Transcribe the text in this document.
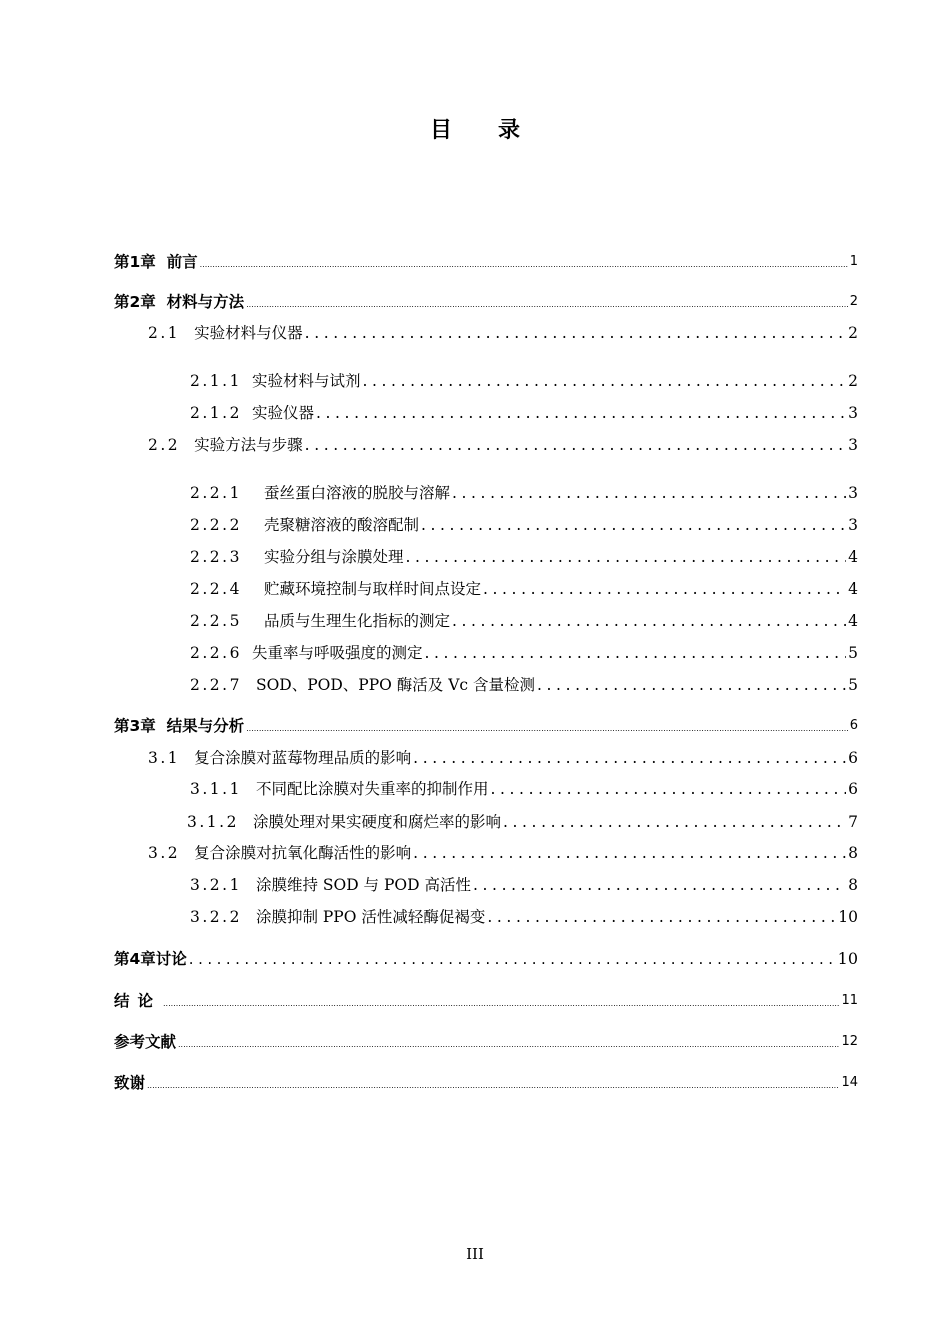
目录
第1章 前言 .....	1
第2章 材料与方法 .....	2
2.1 实验材料与仪器 .....	2
2.1.1 实验材料与试剂 .....	2
2.1.2 实验仪器 .....	3
2.2 实验方法与步骤 .....	3
2.2.1 蚕丝蛋白溶液的脱胶与溶解 .....	3
2.2.2 壳聚糖溶液的酸溶配制 .....	3
2.2.3 实验分组与涂膜处理 .....	4
2.2.4 贮藏环境控制与取样时间点设定 .....	4
2.2.5 品质与生理生化指标的测定 .....	4
2.2.6 失重率与呼吸强度的测定 .....	5
2.2.7 SOD、POD、PPO 酶活及 Vc 含量检测 .....	5
第3章 结果与分析 .....	6
3.1 复合涂膜对蓝莓物理品质的影响 .....	6
3.1.1 不同配比涂膜对失重率的抑制作用 .....	6
3.1.2 涂膜处理对果实硬度和腐烂率的影响 .....	7
3.2 复合涂膜对抗氧化酶活性的影响 .....	8
3.2.1 涂膜维持 SOD 与 POD 高活性 .....	8
3.2.2 涂膜抑制 PPO 活性减轻酶促褐变 .....	10
第4章讨论 .....	10
结论 .....	11
参考文献 .....	12
致谢 .....	14
III
